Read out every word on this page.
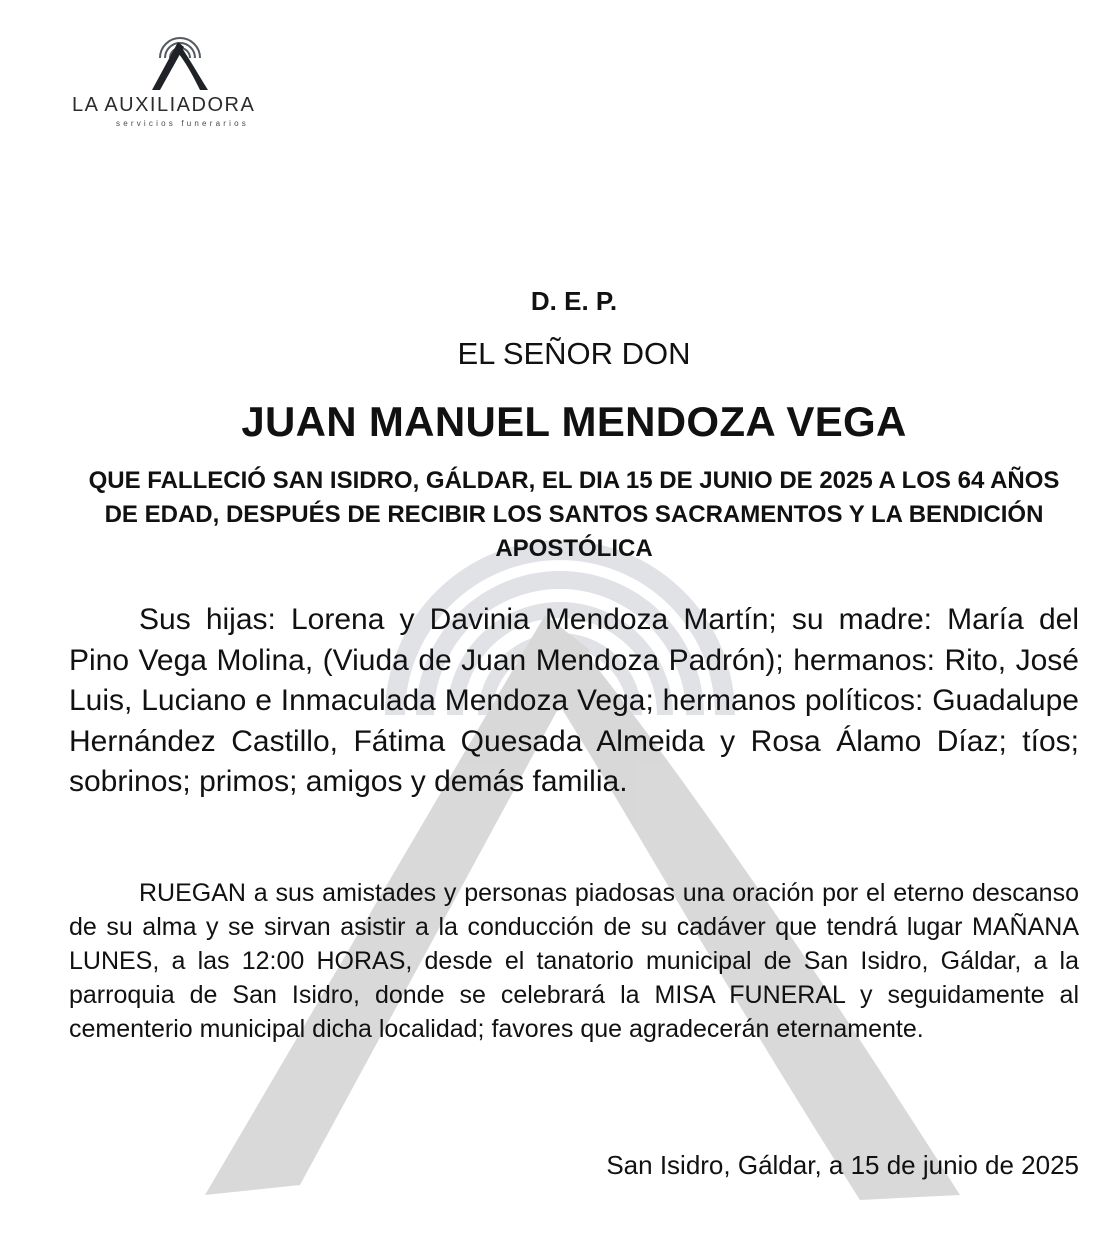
LA AUXILIADORA
servicios funerarios
D. E. P.
EL SEÑOR DON
JUAN MANUEL MENDOZA VEGA
QUE FALLECIÓ SAN ISIDRO, GÁLDAR, EL DIA 15 DE JUNIO DE 2025 A LOS 64 AÑOS DE EDAD, DESPUÉS DE RECIBIR LOS SANTOS SACRAMENTOS Y LA BENDICIÓN APOSTÓLICA
Sus hijas: Lorena y Davinia Mendoza Martín; su madre: María del Pino Vega Molina, (Viuda de Juan Mendoza Padrón); hermanos: Rito, José Luis, Luciano e Inmaculada Mendoza Vega; hermanos políticos: Guadalupe Hernández Castillo, Fátima Quesada Almeida y Rosa Álamo Díaz; tíos; sobrinos; primos; amigos y demás familia.
RUEGAN a sus amistades y personas piadosas una oración por el eterno descanso de su alma y se sirvan asistir a la conducción de su cadáver que tendrá lugar MAÑANA LUNES, a las 12:00 HORAS, desde el tanatorio municipal de San Isidro, Gáldar, a la parroquia de San Isidro, donde se celebrará la MISA FUNERAL y seguidamente al cementerio municipal dicha localidad; favores que agradecerán eternamente.
San Isidro, Gáldar, a 15 de junio de 2025
